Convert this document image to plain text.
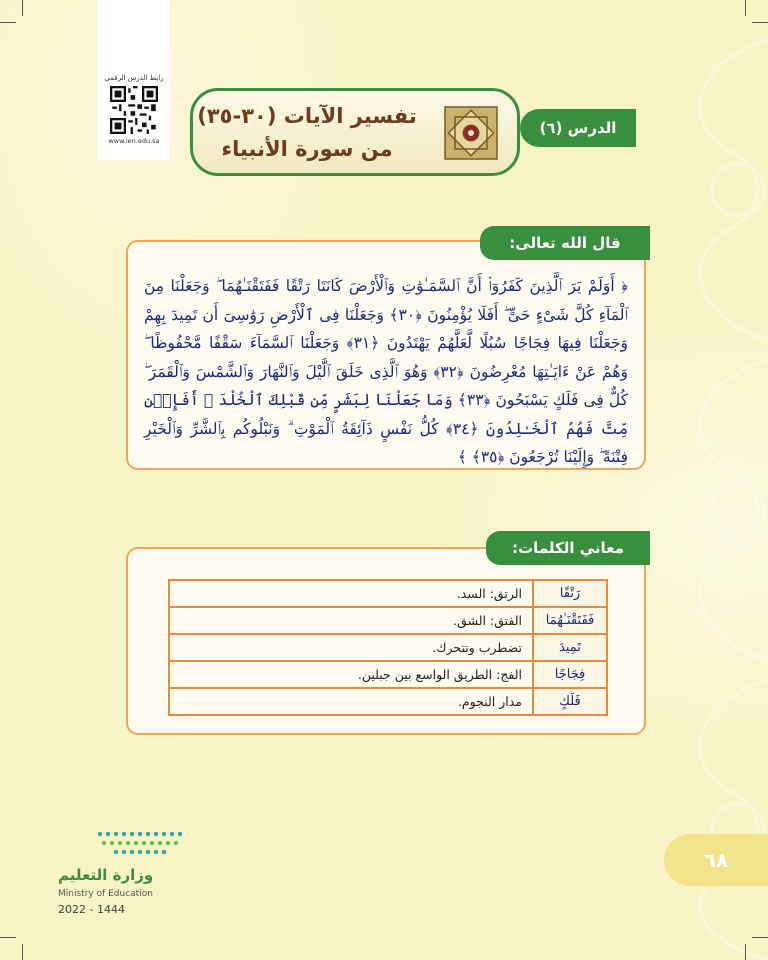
رابط الدرس الرقمي
www.ien.edu.sa
الدرس (٦)
تفسير الآيات (٣٠-٣٥)
من سورة الأنبياء
﴿ أَوَلَمْ يَرَ ٱلَّذِينَ كَفَرُوٓا۟ أَنَّ ٱلسَّمَـٰوَٰتِ وَٱلْأَرْضَ كَانَتَا رَتْقًا فَفَتَقْنَـٰهُمَا ۖ وَجَعَلْنَا مِنَ ٱلْمَآءِ كُلَّ شَىْءٍ حَىٍّ ۖ أَفَلَا يُؤْمِنُونَ ﴿٣٠﴾ وَجَعَلْنَا فِى ٱلْأَرْضِ رَوَٰسِىَ أَن تَمِيدَ بِهِمْ وَجَعَلْنَا فِيهَا فِجَاجًا سُبُلًا لَّعَلَّهُمْ يَهْتَدُونَ ﴿٣١﴾ وَجَعَلْنَا ٱلسَّمَآءَ سَقْفًا مَّحْفُوظًا ۖ وَهُمْ عَنْ ءَايَـٰتِهَا مُعْرِضُونَ ﴿٣٢﴾ وَهُوَ ٱلَّذِى خَلَقَ ٱلَّيْلَ وَٱلنَّهَارَ وَٱلشَّمْسَ وَٱلْقَمَرَ ۖ كُلٌّ فِى فَلَكٍ يَسْبَحُونَ ﴿٣٣﴾ وَمَا جَعَلْنَا لِبَشَرٍ مِّن قَبْلِكَ ٱلْخُلْدَ ۖ أَفَإِي۟ن مِّتَّ فَهُمُ ٱلْخَـٰلِدُونَ ﴿٣٤﴾ كُلُّ نَفْسٍ ذَآئِقَةُ ٱلْمَوْتِ ۗ وَنَبْلُوكُم بِٱلشَّرِّ وَٱلْخَيْرِ فِتْنَةً ۖ وَإِلَيْنَا تُرْجَعُونَ ﴿٣٥﴾ ﴾
قال الله تعالى:
رَتْقًا	الرتق: السد.
فَفَتَقْنَـٰهُمَا	الفتق: الشق.
تَمِيدَ	تضطرب وتتحرك.
فِجَاجًا	الفج: الطريق الواسع بين جبلين.
فَلَكٍ	مدار النجوم.
معاني الكلمات:
وزارة التعليم
Ministry of Education
2022 - 1444
٦٨
